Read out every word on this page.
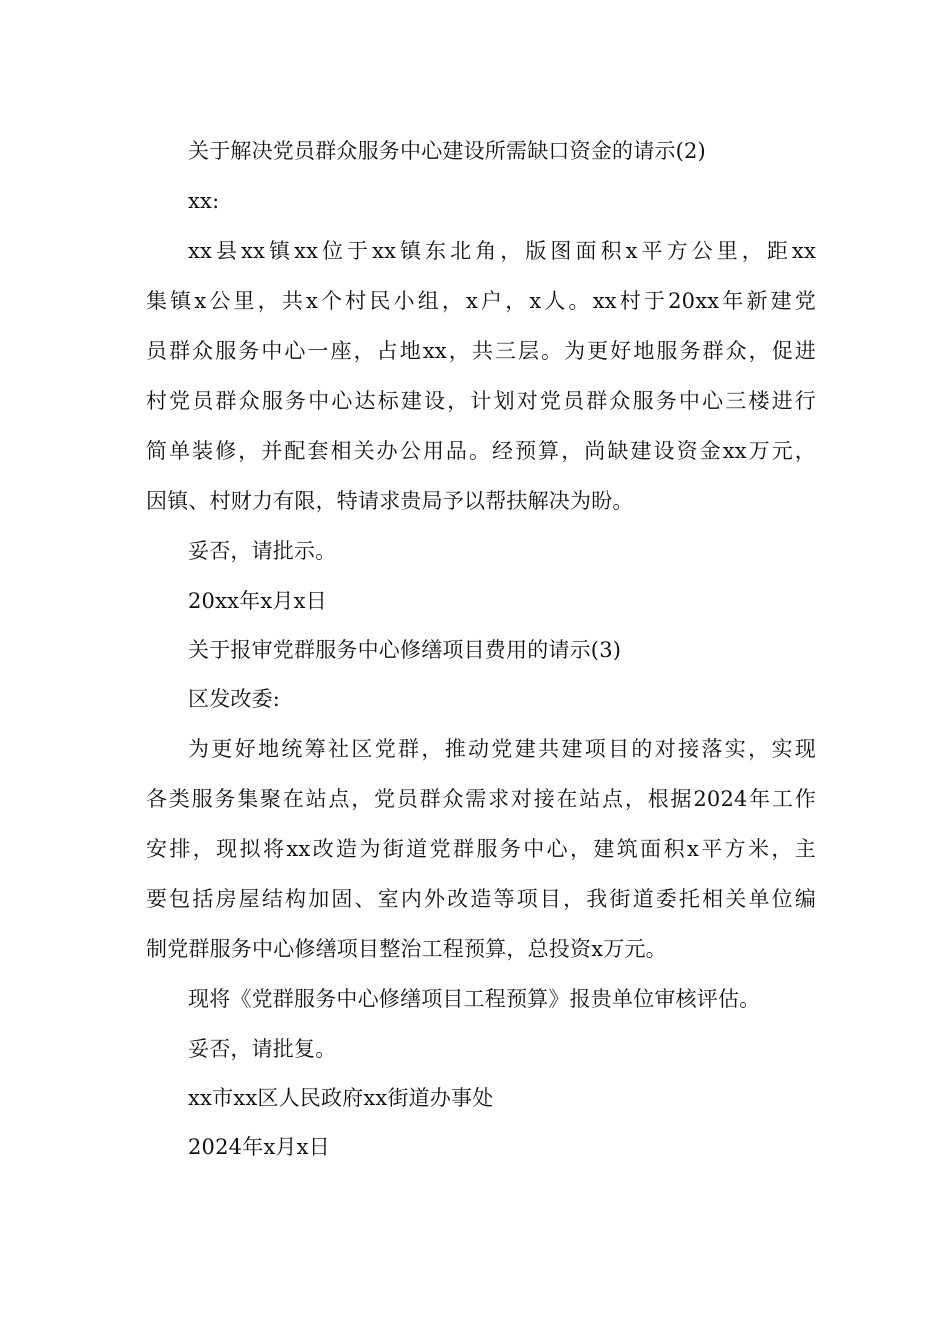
关于解决党员群众服务中心建设所需缺口资金的请示(2)
xx:
xx县xx镇xx位于xx镇东北角，版图面积x平方公里，距xx
集镇x公里，共x个村民小组，x户，x人。xx村于20xx年新建党
员群众服务中心一座，占地xx，共三层。为更好地服务群众，促进
村党员群众服务中心达标建设，计划对党员群众服务中心三楼进行
简单装修，并配套相关办公用品。经预算，尚缺建设资金xx万元，
因镇、村财力有限，特请求贵局予以帮扶解决为盼。
妥否，请批示。
20xx年x月x日
关于报审党群服务中心修缮项目费用的请示(3)
区发改委:
为更好地统筹社区党群，推动党建共建项目的对接落实，实现
各类服务集聚在站点，党员群众需求对接在站点，根据2024年工作
安排，现拟将xx改造为街道党群服务中心，建筑面积x平方米，主
要包括房屋结构加固、室内外改造等项目，我街道委托相关单位编
制党群服务中心修缮项目整治工程预算，总投资x万元。
现将《党群服务中心修缮项目工程预算》报贵单位审核评估。
妥否，请批复。
xx市xx区人民政府xx街道办事处
2024年x月x日
